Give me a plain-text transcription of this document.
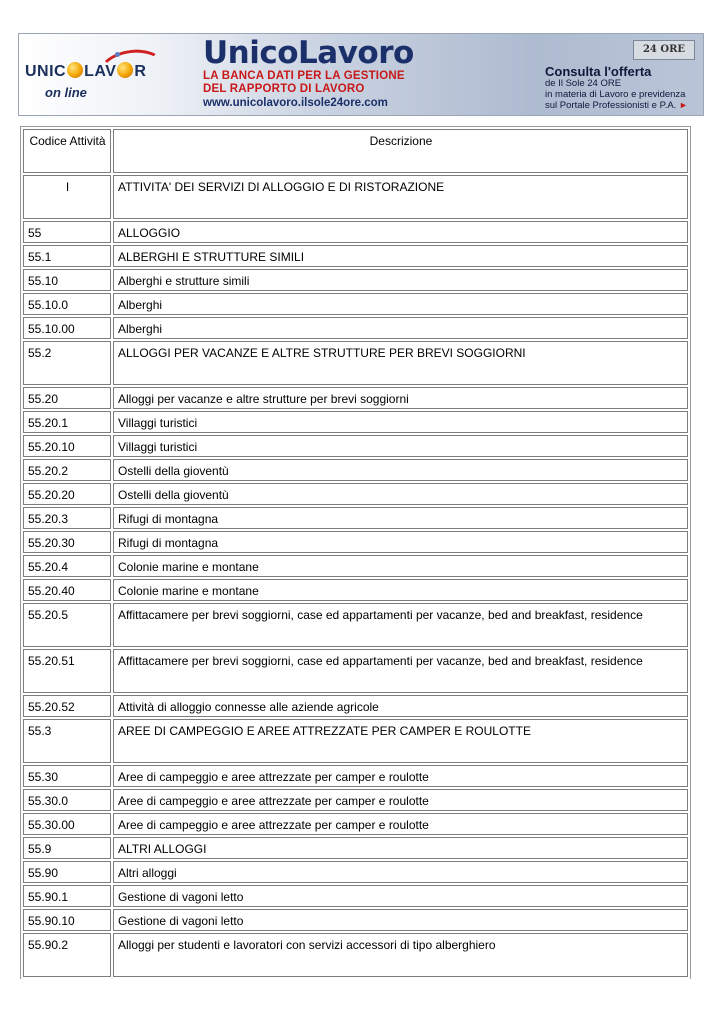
UNIC LAV R
on line
UnicoLavoro
LA BANCA DATI PER LA GESTIONE
DEL RAPPORTO DI LAVORO
www.unicolavoro.ilsole24ore.com
24 ORE
Consulta l'offerta
de Il Sole 24 ORE
in materia di Lavoro e previdenza
sul Portale Professionisti e P.A. ►
Codice Attività	Descrizione
I	ATTIVITA' DEI SERVIZI DI ALLOGGIO E DI RISTORAZIONE
55	ALLOGGIO
55.1	ALBERGHI E STRUTTURE SIMILI
55.10	Alberghi e strutture simili
55.10.0	Alberghi
55.10.00	Alberghi
55.2	ALLOGGI PER VACANZE E ALTRE STRUTTURE PER BREVI SOGGIORNI
55.20	Alloggi per vacanze e altre strutture per brevi soggiorni
55.20.1	Villaggi turistici
55.20.10	Villaggi turistici
55.20.2	Ostelli della gioventù
55.20.20	Ostelli della gioventù
55.20.3	Rifugi di montagna
55.20.30	Rifugi di montagna
55.20.4	Colonie marine e montane
55.20.40	Colonie marine e montane
55.20.5	Affittacamere per brevi soggiorni, case ed appartamenti per vacanze, bed and breakfast, residence
55.20.51	Affittacamere per brevi soggiorni, case ed appartamenti per vacanze, bed and breakfast, residence
55.20.52	Attività di alloggio connesse alle aziende agricole
55.3	AREE DI CAMPEGGIO E AREE ATTREZZATE PER CAMPER E ROULOTTE
55.30	Aree di campeggio e aree attrezzate per camper e roulotte
55.30.0	Aree di campeggio e aree attrezzate per camper e roulotte
55.30.00	Aree di campeggio e aree attrezzate per camper e roulotte
55.9	ALTRI ALLOGGI
55.90	Altri alloggi
55.90.1	Gestione di vagoni letto
55.90.10	Gestione di vagoni letto
55.90.2	Alloggi per studenti e lavoratori con servizi accessori di tipo alberghiero
